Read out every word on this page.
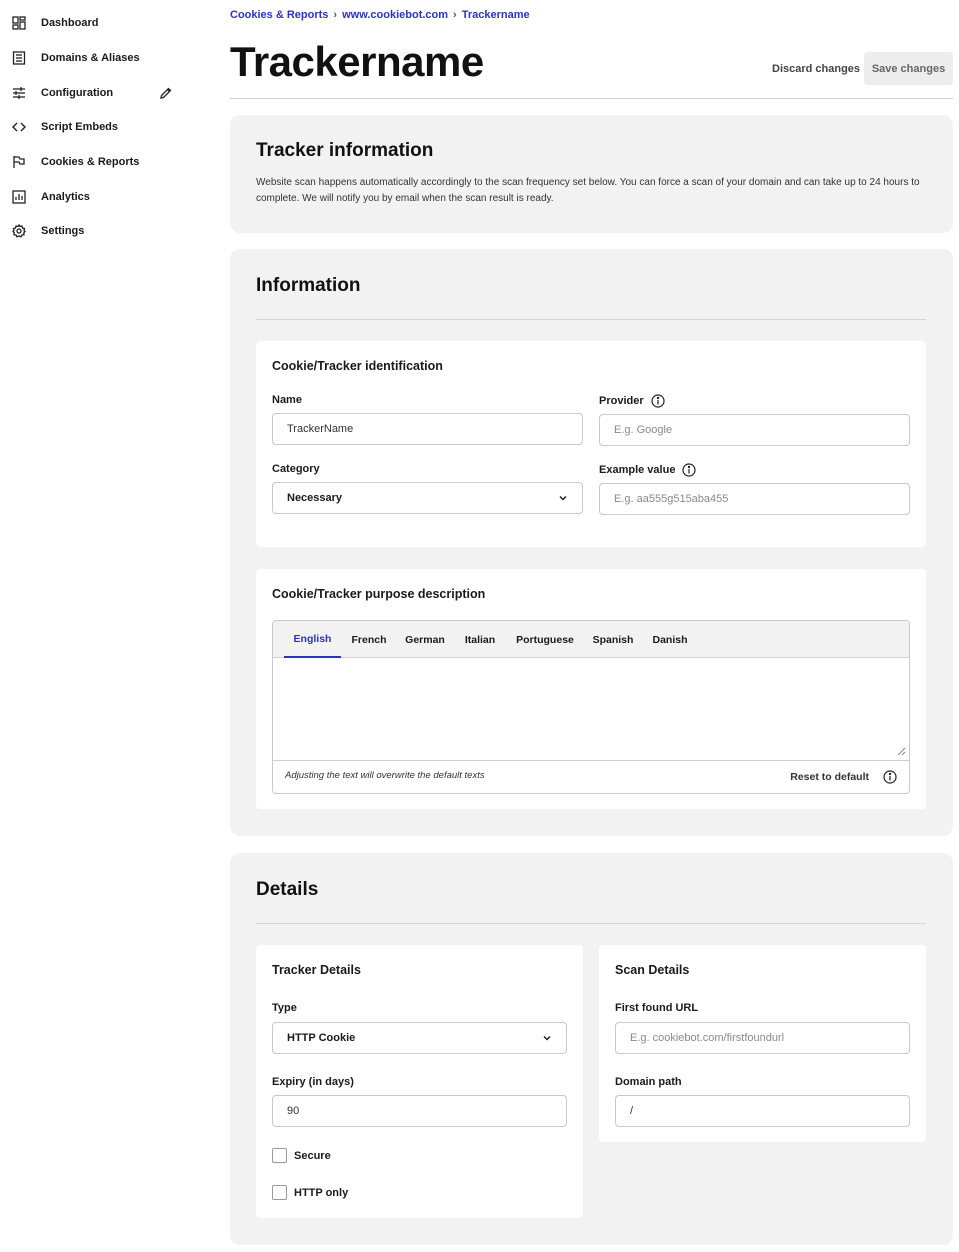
Dashboard
Domains & Aliases
Configuration
Script Embeds
Cookies & Reports
Analytics
Settings
Cookies & Reports › www.cookiebot.com › Trackername
Trackername	Discard changes	Save changes
Tracker information

Website scan happens automatically accordingly to the scan frequency set below. You can force a scan of your domain and can take up to 24 hours to complete. We will notify you by email when the scan result is ready.

Information
Cookie/Tracker identification
Name
TrackerName
Provider
E.g. Google
Category
Necessary
Example value
E.g. aa555g515aba455
Cookie/Tracker purpose description
English	French	German	Italian	Portuguese	Spanish	Danish
Adjusting the text will overwrite the default texts	Reset to default
Details
Tracker Details
Type
HTTP Cookie
Expiry (in days)
90
Secure
HTTP only
Scan Details
First found URL
E.g. cookiebot.com/firstfoundurl
Domain path
/
